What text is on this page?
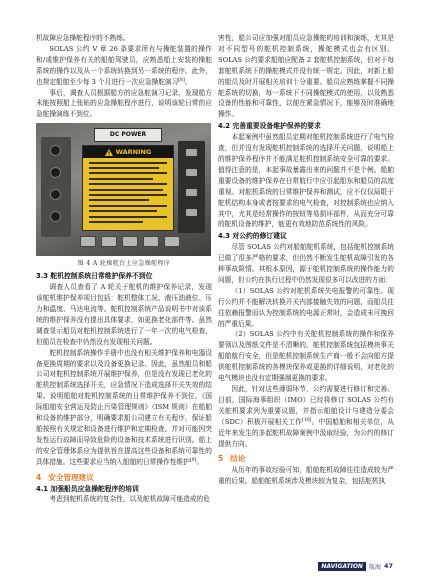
机故障应急操舵程序的不熟练。

SOLAS 公约 V 章 26 条要求所有与操舵装置的操作和/或维护保养有关的船舶驾驶员，应熟悉船上安装的操舵系统的操作以及从一个系统转换到另一系统的程序。此外，也规定船舶至少每 3 个月进行一次应急操舵演习[8]。

事后，调查人员根据船方的应急舵演习记录，发现船方未能按照船上张贴的应急操舵程序进行，说明该轮日常的应急舵操演练不到位。

DC POWER
WARNING
图 4 A 轮操舵台上应急操舵程序
3.3 舵机控制系统日常维护保养不到位

调查人员查看了 A 轮关于舵机的维护保养记录，发现该舵机维护保养项目包括：舵机整体工况、液压油液位、压力和温度、马达电流等。舵机控制系统产品说明书中对该系统的维护保养没有提出具体要求，如更换老化部件等。虽然调查显示船员对舵机控制系统进行了一年一次的电气检查，但船员在检查中仍然没有发现相关问题。

舵机控制系统操作手册中也没有相关维护保养和电器设备更换周期的要求以及设备更换记录。因此，虽然船员和船公司对舵机控制系统开展维护保养，但是没有发现已老化的舵机控制系统选择开关，应急情况下造成选择开关失效的结果。说明船舶对舵机控制系统的日常维护保养不到位。《国际船舶安全营运及防止污染管理规则》（ISM 规则）在船舶和设备的维护部分，明确要求船公司建立有关程序，保证船舶按照有关规定和设备进行维护和定期检查。并对可能因突发性运行故障而导致危险的设备和技术系统进行识别。船上的安全管理体系应为提供旨在提高这些设备和系统可靠性的具体措施。这些要求应当纳入船舶的日常操作性维护[9]。

4 安全管理建议
4.1 加强船员应急操舵程序的培训

考虑到舵机系统的复杂性，以及舵机故障可能造成的危

害性，船公司应加强对船员应急操舵的培训和演练，尤其是对不同型号的舵机控制系统，操舵模式也会有区别。SOLAS 公约要求船舶应配备 2 套舵机控制系统，但对于每套舵机系统下的操舵模式并没有统一规定。因此，对新上船的船员及时开展相关培训十分重要。船员应熟练掌握不同操舵系统的切换，每一系统下不同操舵模式的使用，以及熟悉设备的性能和可靠性，以便在紧急情况下，能够及时准确地操作。

4.2 完善重要设备维护保养的要求

本起案例中虽然船员定期对舵机控制系统进行了电气检查，但并没有发现舵机控制系统的选择开关问题，说明船上的维护保养程序并不能满足舵机控制系统安全可靠的要求。值得注意的是，本起事故暴露出来的问题并不是个例。船舶重要设备的维护保养在日常航行中应引起船东和船员的高度重视。对舵机系统的日常维护保养和测试，应不仅仅局限于舵机结构本身或者按要求的电气检查，对控制系统也应纳入其中，尤其是经常操作的按钮等易损坏部件，从而充分可靠的舵机设备的维护，能更有效地防范系统性的风险。

4.3 对公约的修订建议

尽管 SOLAS 公约对船舶舵机系统，包括舵机控制系统已做了很多严格的要求，但仍然不断发生舵机故障引发的各种事故险情。其根本原因，源于舵机控制系统的操作能力的问题，但公约在执行过程中仍然发现很多可以改进的方面：

（1）SOLAS 公约对舵机系统失电报警的可靠性。现行公约并不能解决转换开关内部接触失效的问题，而船员往往依赖报警而认为控制系统的电源正常时，会造成未可挽回的严重后果。

（2）SOLAS 公约中有关舵机控制系统的操作和保养要领以及图纸文件是不清晰的。舵机控制系统包括模块事关船舶航行安全，但是舵机控制系统生产商一般不会向船方提供舵机控制系统的各模块保养或更换的详细说明，对老化的电气模块也没有定期强制更换的要求。

因此，针对这些薄弱环节，公约需要进行修订和完善。目前，国际海事组织（IMO）已经将修订 SOLAS 公约有关舵机要求列为重要议题，并指示船舶设计与建造分委会（SDC）积极开展相关工作[10]。中国船舶和相关单位，从近年来发生的多起舵机故障案例中汲取经验，为公约的修订提供方向。

5 结论

从历年的事故经验可知，船舶舵机故障往往造成较为严重的后果。船舶舵机系统涉及模块较为复杂，包括舵机执

NAVIGATION	航海 47
